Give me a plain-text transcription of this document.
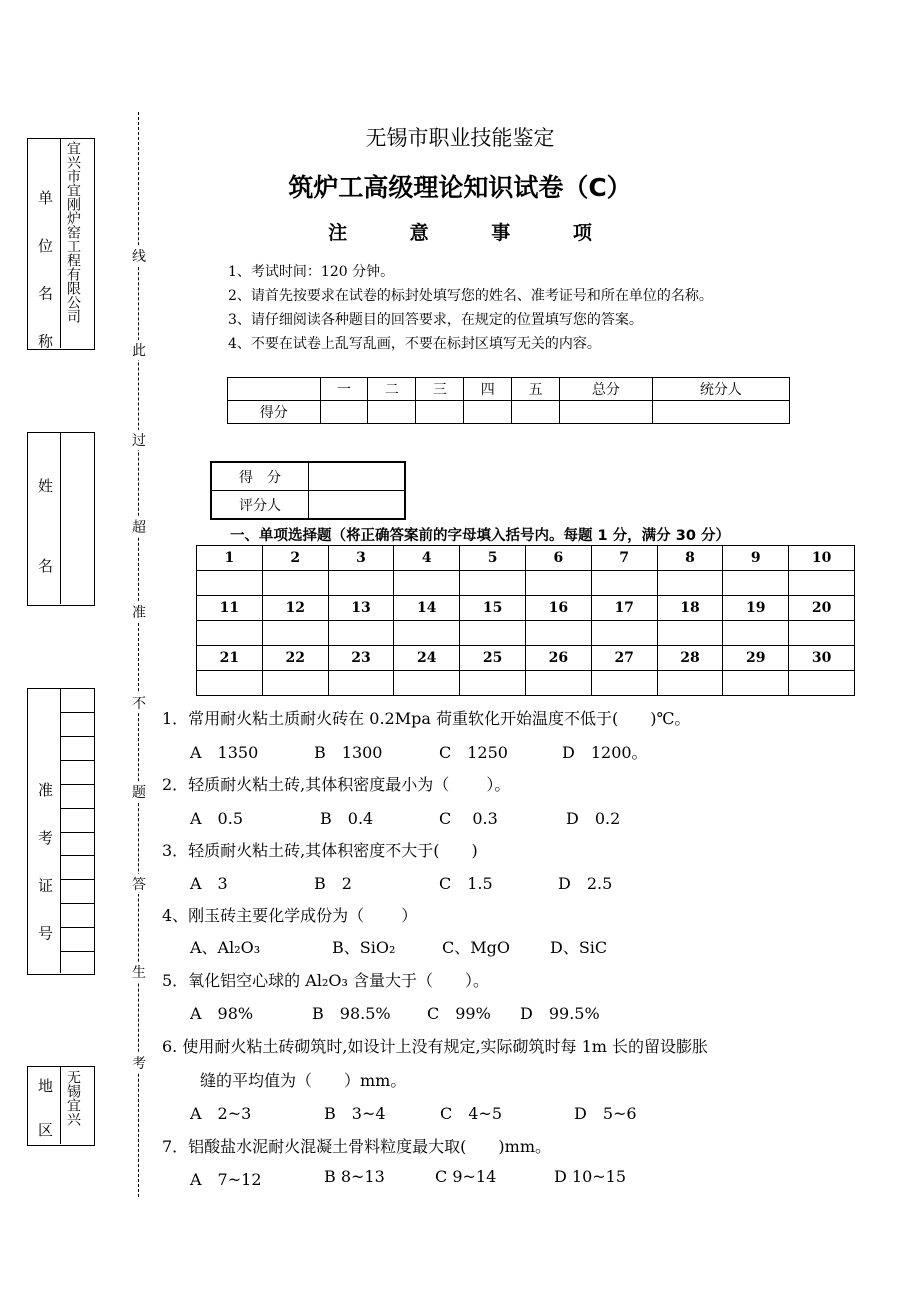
单 位 名 称 宜兴市宜刚炉窑工程有限公司
姓 名
准 考 证 号
地 区 无锡宜兴
线
此
过
超
准
不
题
答
生
考
无锡市职业技能鉴定
筑炉工高级理论知识试卷（C）
注 意 事 项
1、考试时间：120 分钟。
2、请首先按要求在试卷的标封处填写您的姓名、准考证号和所在单位的名称。
3、请仔细阅读各种题目的回答要求，在规定的位置填写您的答案。
4、不要在试卷上乱写乱画，不要在标封区填写无关的内容。
	一	二	三	四	五	总分	统分人
得分							
得　分	
评分人	
一、单项选择题（将正确答案前的字母填入括号内。每题 1 分，满分 30 分）
1	2	3	4	5	6	7	8	9	10

11	12	13	14	15	16	17	18	19	20

21	22	23	24	25	26	27	28	29	30

1．常用耐火粘土质耐火砖在 0.2Mpa 荷重软化开始温度不低于(　　)℃。
A　1350	B　1300	C　1250	D　1200。
2．轻质耐火粘土砖,其体积密度最小为（　　 ）。
A　0.5	B　0.4	C　 0.3	D　0.2
3．轻质耐火粘土砖,其体积密度不大于(　　)
A　3	B　2	C　1.5	D　2.5
4、刚玉砖主要化学成份为（　　 ）
A、Al₂O₃	B、SiO₂	C、MgO	D、SiC
5．氧化铝空心球的 Al₂O₃ 含量大于（　　）。
A　98%	B　98.5% C　99% D　99.5%
6. 使用耐火粘土砖砌筑时,如设计上没有规定,实际砌筑时每 1m 长的留设膨胀
缝的平均值为（　　）mm。
A　2~3	B　3~4	C　4~5	D　5~6
7．铝酸盐水泥耐火混凝土骨料粒度最大取(　　)mm。
A　7~12	B 8~13	C 9~14	D 10~15
